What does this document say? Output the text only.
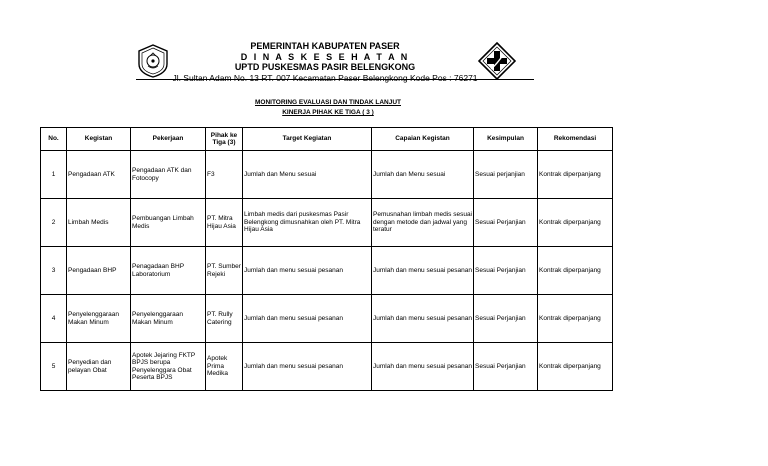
PEMERINTAH KABUPATEN PASER
D I N A S K E S E H A T A N
UPTD PUSKESMAS PASIR BELENGKONG
Jl. Sultan Adam No. 13 RT. 007 Kecamatan Paser Belengkong Kode Pos : 76271
MONITORING EVALUASI DAN TINDAK LANJUT
KINERJA PIHAK KE TIGA ( 3 )
No.	Kegistan	Pekerjaan	Pihak ke Tiga (3)	Target Kegiatan	Capaian Kegistan	Kesimpulan	Rekomendasi
1	Pengadaan ATK	Pengadaan ATK dan Fotocopy	F3	Jumlah dan Menu sesuai	Jumlah dan Menu sesuai	Sesuai perjanjian	Kontrak diperpanjang
2	Limbah Medis	Pembuangan Limbah Medis	PT. Mitra Hijau Asia	Limbah medis dari puskesmas Pasir Belengkong dimusnahkan oleh PT. Mitra Hijau Asia	Pemusnahan limbah medis sesuai dengan metode dan jadwal yang teratur	Sesuai Perjanjian	Kontrak diperpanjang
3	Pengadaan BHP	Penagadaan BHP Laboratorium	PT. Sumber Rejeki	Jumlah dan menu sesuai pesanan	Jumlah dan menu sesuai pesanan	Sesuai Perjanjian	Kontrak diperpanjang
4	Penyelenggaraan Makan Minum	Penyelenggaraan Makan Minum	PT. Rully Catering	Jumlah dan menu sesuai pesanan	Jumlah dan menu sesuai pesanan	Sesuai Perjanjian	Kontrak diperpanjang
5	Penyedian dan pelayan Obat	Apotek Jejaring FKTP BPJS berupa Penyelenggara Obat Peserta BPJS	Apotek Prima Medika	Jumlah dan menu sesuai pesanan	Jumlah dan menu sesuai pesanan	Sesuai Perjanjian	Kontrak diperpanjang
